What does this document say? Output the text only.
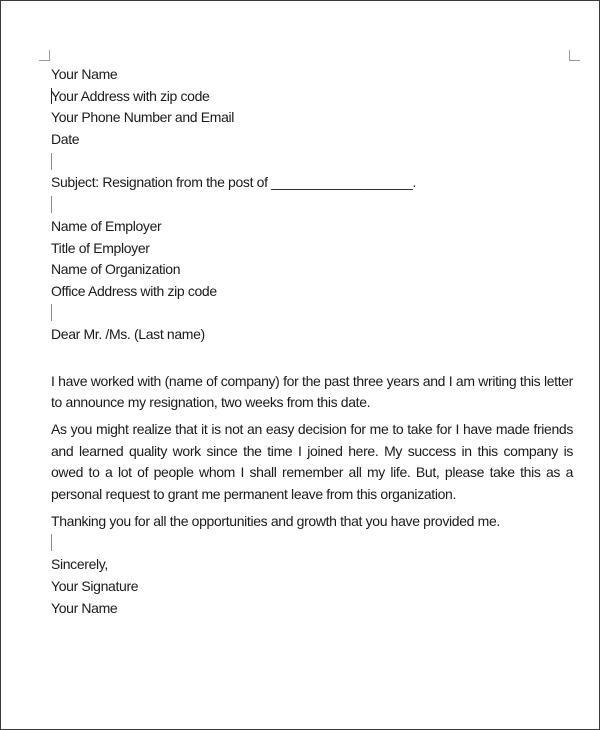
Your Name
Your Address with zip code
Your Phone Number and Email
Date
Subject: Resignation from the post of ___________________.
Name of Employer
Title of Employer
Name of Organization
Office Address with zip code
Dear Mr. /Ms. (Last name)
I have worked with (name of company) for the past three years and I am writing this letter to announce my resignation, two weeks from this date.
As you might realize that it is not an easy decision for me to take for I have made friends and learned quality work since the time I joined here. My success in this company is owed to a lot of people whom I shall remember all my life. But, please take this as a personal request to grant me permanent leave from this organization.
Thanking you for all the opportunities and growth that you have provided me.
Sincerely,
Your Signature
Your Name
